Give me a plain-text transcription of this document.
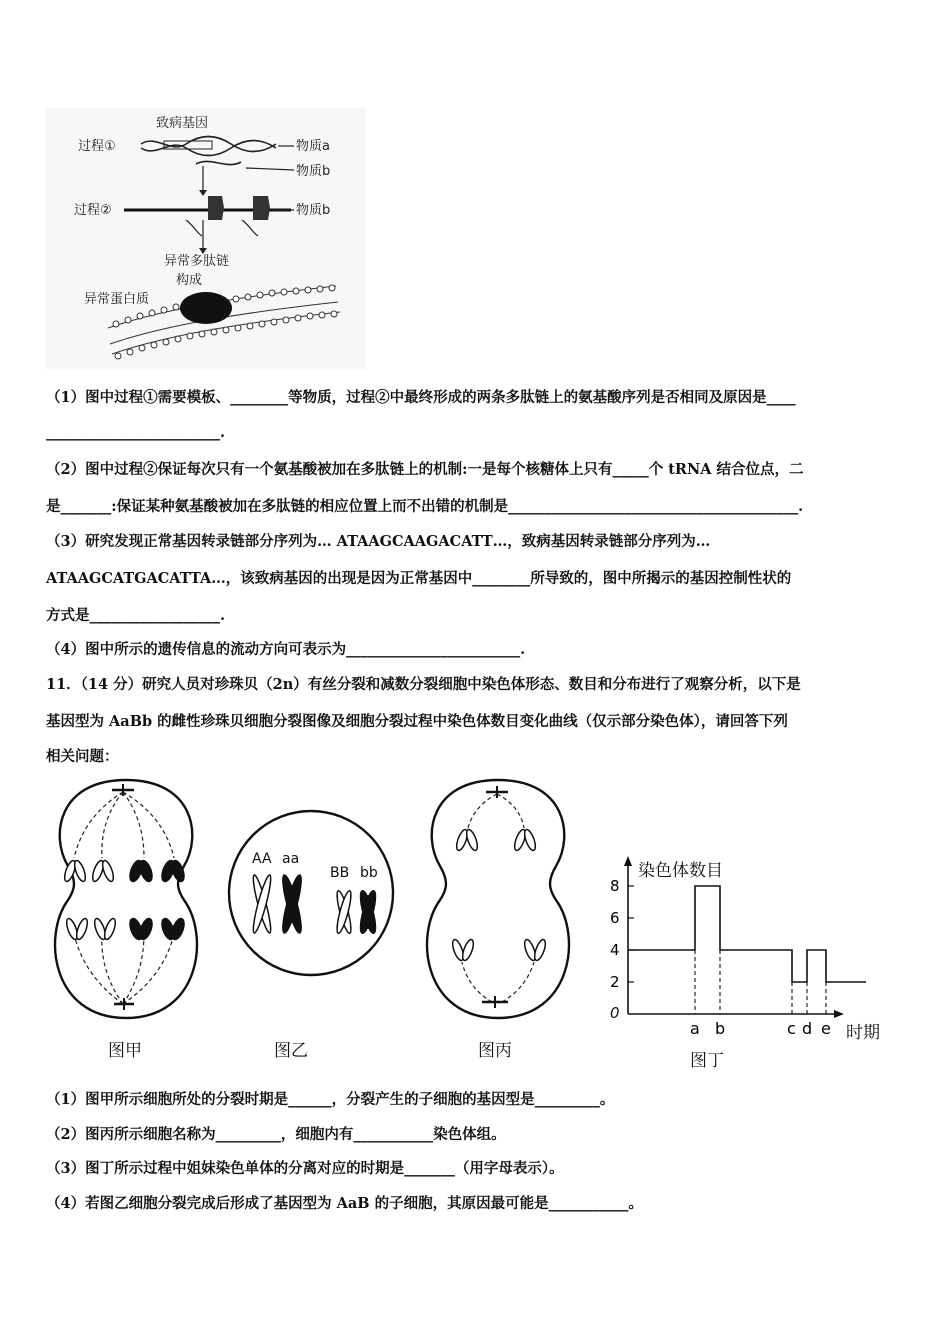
致病基因
过程①	物质a
物质b
过程②	物质b
异常多肽链
构成
异常蛋白质
（1）图中过程①需要模板、________等物质，过程②中最终形成的两条多肽链上的氨基酸序列是否相同及原因是____
________________________.
（2）图中过程②保证每次只有一个氨基酸被加在多肽链上的机制:一是每个核糖体上只有_____个 tRNA 结合位点，二
是_______:保证某种氨基酸被加在多肽链的相应位置上而不出错的机制是________________________________________.
（3）研究发现正常基因转录链部分序列为… ATAAGCAAGACATT…，致病基因转录链部分序列为…
ATAAGCATGACATTA…，该致病基因的出现是因为正常基因中________所导致的，图中所揭示的基因控制性状的
方式是__________________.
（4）图中所示的遗传信息的流动方向可表示为________________________.
11．（14 分）研究人员对珍珠贝（2n）有丝分裂和减数分裂细胞中染色体形态、数目和分布进行了观察分析，以下是
基因型为 AaBb 的雌性珍珠贝细胞分裂图像及细胞分裂过程中染色体数目变化曲线（仅示部分染色体），请回答下列
相关问题：
图甲
AA aa
BB bb
图乙	图丙
染色体数目
时期
0
8
6
4
2
a b	c d e
图丁
（1）图甲所示细胞所处的分裂时期是______，分裂产生的子细胞的基因型是_________。
（2）图丙所示细胞名称为_________，细胞内有___________染色体组。
（3）图丁所示过程中姐妹染色单体的分离对应的时期是_______（用字母表示）。
（4）若图乙细胞分裂完成后形成了基因型为 AaB 的子细胞，其原因最可能是___________。
